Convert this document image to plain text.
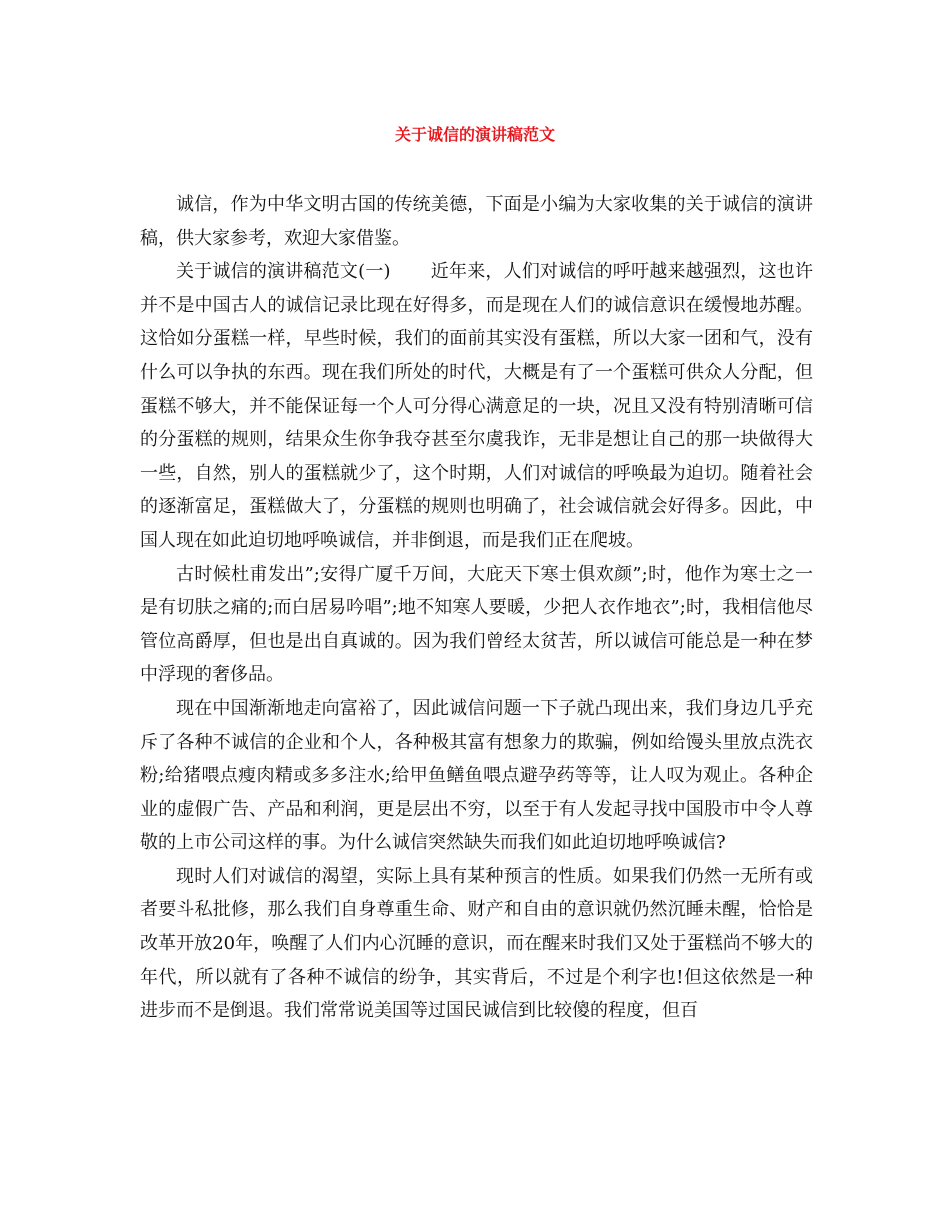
关于诚信的演讲稿范文

诚信，作为中华文明古国的传统美德，下面是小编为大家收集的关于诚信的演讲稿，供大家参考，欢迎大家借鉴。

关于诚信的演讲稿范文(一) 近年来，人们对诚信的呼吁越来越强烈，这也许并不是中国古人的诚信记录比现在好得多，而是现在人们的诚信意识在缓慢地苏醒。这恰如分蛋糕一样，早些时候，我们的面前其实没有蛋糕，所以大家一团和气，没有什么可以争执的东西。现在我们所处的时代，大概是有了一个蛋糕可供众人分配，但蛋糕不够大，并不能保证每一个人可分得心满意足的一块，况且又没有特别清晰可信的分蛋糕的规则，结果众生你争我夺甚至尔虞我诈，无非是想让自己的那一块做得大一些，自然，别人的蛋糕就少了，这个时期，人们对诚信的呼唤最为迫切。随着社会的逐渐富足，蛋糕做大了，分蛋糕的规则也明确了，社会诚信就会好得多。因此，中国人现在如此迫切地呼唤诚信，并非倒退，而是我们正在爬坡。

古时候杜甫发出”;安得广厦千万间，大庇天下寒士俱欢颜”;时，他作为寒士之一是有切肤之痛的;而白居易吟唱”;地不知寒人要暖，少把人衣作地衣”;时，我相信他尽管位高爵厚，但也是出自真诚的。因为我们曾经太贫苦，所以诚信可能总是一种在梦中浮现的奢侈品。

现在中国渐渐地走向富裕了，因此诚信问题一下子就凸现出来，我们身边几乎充斥了各种不诚信的企业和个人，各种极其富有想象力的欺骗，例如给馒头里放点洗衣粉;给猪喂点瘦肉精或多多注水;给甲鱼鳝鱼喂点避孕药等等，让人叹为观止。各种企业的虚假广告、产品和利润，更是层出不穷，以至于有人发起寻找中国股市中令人尊敬的上市公司这样的事。为什么诚信突然缺失而我们如此迫切地呼唤诚信?

现时人们对诚信的渴望，实际上具有某种预言的性质。如果我们仍然一无所有或者要斗私批修，那么我们自身尊重生命、财产和自由的意识就仍然沉睡未醒，恰恰是改革开放20年，唤醒了人们内心沉睡的意识，而在醒来时我们又处于蛋糕尚不够大的年代，所以就有了各种不诚信的纷争，其实背后，不过是个利字也!但这依然是一种进步而不是倒退。我们常常说美国等过国民诚信到比较傻的程度，但百
